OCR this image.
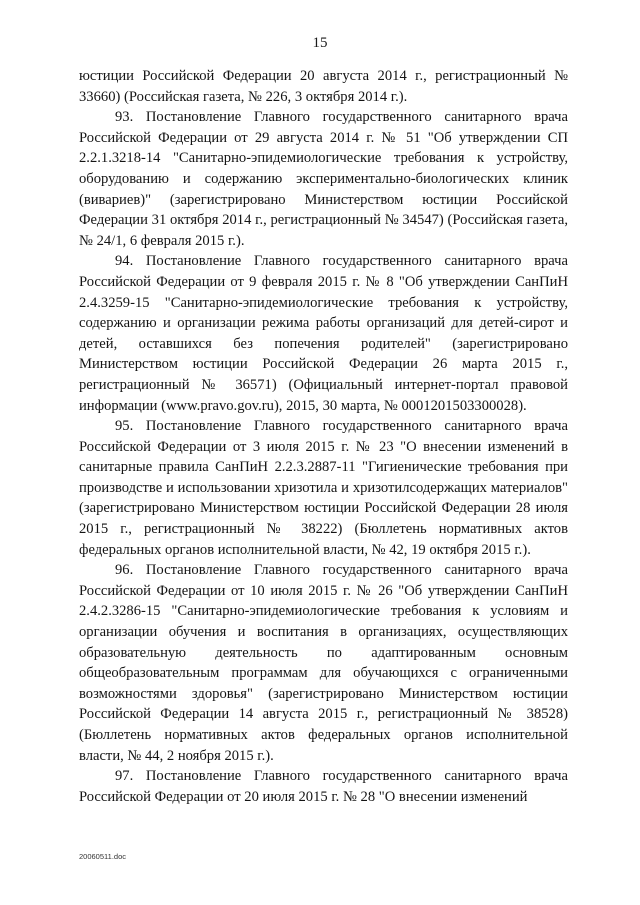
15

юстиции Российской Федерации 20 августа 2014 г., регистрационный № 33660) (Российская газета, № 226, 3 октября 2014 г.).

93. Постановление Главного государственного санитарного врача Российской Федерации от 29 августа 2014 г. № 51 "Об утверждении СП 2.2.1.3218-14 "Санитарно-эпидемиологические требования к устройству, оборудованию и содержанию экспериментально-биологических клиник (вивариев)" (зарегистрировано Министерством юстиции Российской Федерации 31 октября 2014 г., регистрационный № 34547) (Российская газета, № 24/1, 6 февраля 2015 г.).

94. Постановление Главного государственного санитарного врача Российской Федерации от 9 февраля 2015 г. № 8 "Об утверждении СанПиН 2.4.3259-15 "Санитарно-эпидемиологические требования к устройству, содержанию и организации режима работы организаций для детей-сирот и детей, оставшихся без попечения родителей" (зарегистрировано Министерством юстиции Российской Федерации 26 марта 2015 г., регистрационный № 36571) (Официальный интернет-портал правовой информации (www.pravo.gov.ru), 2015, 30 марта, № 0001201503300028).

95. Постановление Главного государственного санитарного врача Российской Федерации от 3 июля 2015 г. № 23 "О внесении изменений в санитарные правила СанПиН 2.2.3.2887-11 "Гигиенические требования при производстве и использовании хризотила и хризотилсодержащих материалов" (зарегистрировано Министерством юстиции Российской Федерации 28 июля 2015 г., регистрационный № 38222) (Бюллетень нормативных актов федеральных органов исполнительной власти, № 42, 19 октября 2015 г.).

96. Постановление Главного государственного санитарного врача Российской Федерации от 10 июля 2015 г. № 26 "Об утверждении СанПиН 2.4.2.3286-15 "Санитарно-эпидемиологические требования к условиям и организации обучения и воспитания в организациях, осуществляющих образовательную деятельность по адаптированным основным общеобразовательным программам для обучающихся с ограниченными возможностями здоровья" (зарегистрировано Министерством юстиции Российской Федерации 14 августа 2015 г., регистрационный № 38528) (Бюллетень нормативных актов федеральных органов исполнительной власти, № 44, 2 ноября 2015 г.).

97. Постановление Главного государственного санитарного врача Российской Федерации от 20 июля 2015 г. № 28 "О внесении изменений

20060511.doc
